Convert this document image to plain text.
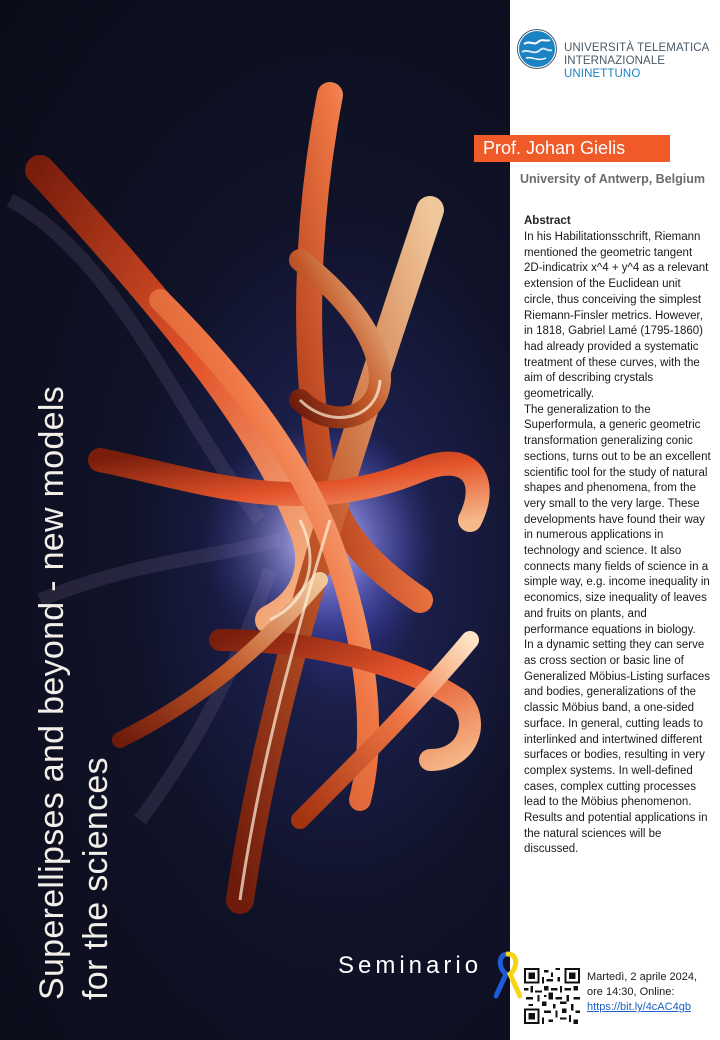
Superellipses and beyond - new models for the sciences	Seminario
UNIVERSITÀ TELEMATICA
INTERNAZIONALE UNINETTUNO
Prof. Johan Gielis
University of Antwerp, Belgium
Abstract

In his Habilitationsschrift, Riemann mentioned the geometric tangent 2D-indicatrix x^4 + y^4 as a relevant extension of the Euclidean unit circle, thus conceiving the simplest Riemann-Finsler metrics. However, in 1818, Gabriel Lamé (1795-1860) had already provided a systematic treatment of these curves, with the aim of describing crystals geometrically.

The generalization to the Superformula, a generic geometric transformation generalizing conic sections, turns out to be an excellent scientific tool for the study of natural shapes and phenomena, from the very small to the very large. These developments have found their way in numerous applications in technology and science. It also connects many fields of science in a simple way, e.g. income inequality in economics, size inequality of leaves and fruits on plants, and performance equations in biology.

In a dynamic setting they can serve as cross section or basic line of Generalized Möbius-Listing surfaces and bodies, generalizations of the classic Möbius band, a one-sided surface. In general, cutting leads to interlinked and intertwined different surfaces or bodies, resulting in very complex systems. In well-defined cases, complex cutting processes lead to the Möbius phenomenon. Results and potential applications in the natural sciences will be discussed.

Martedì, 2 aprile 2024,
ore 14:30, Online:
https://bit.ly/4cAC4gb
